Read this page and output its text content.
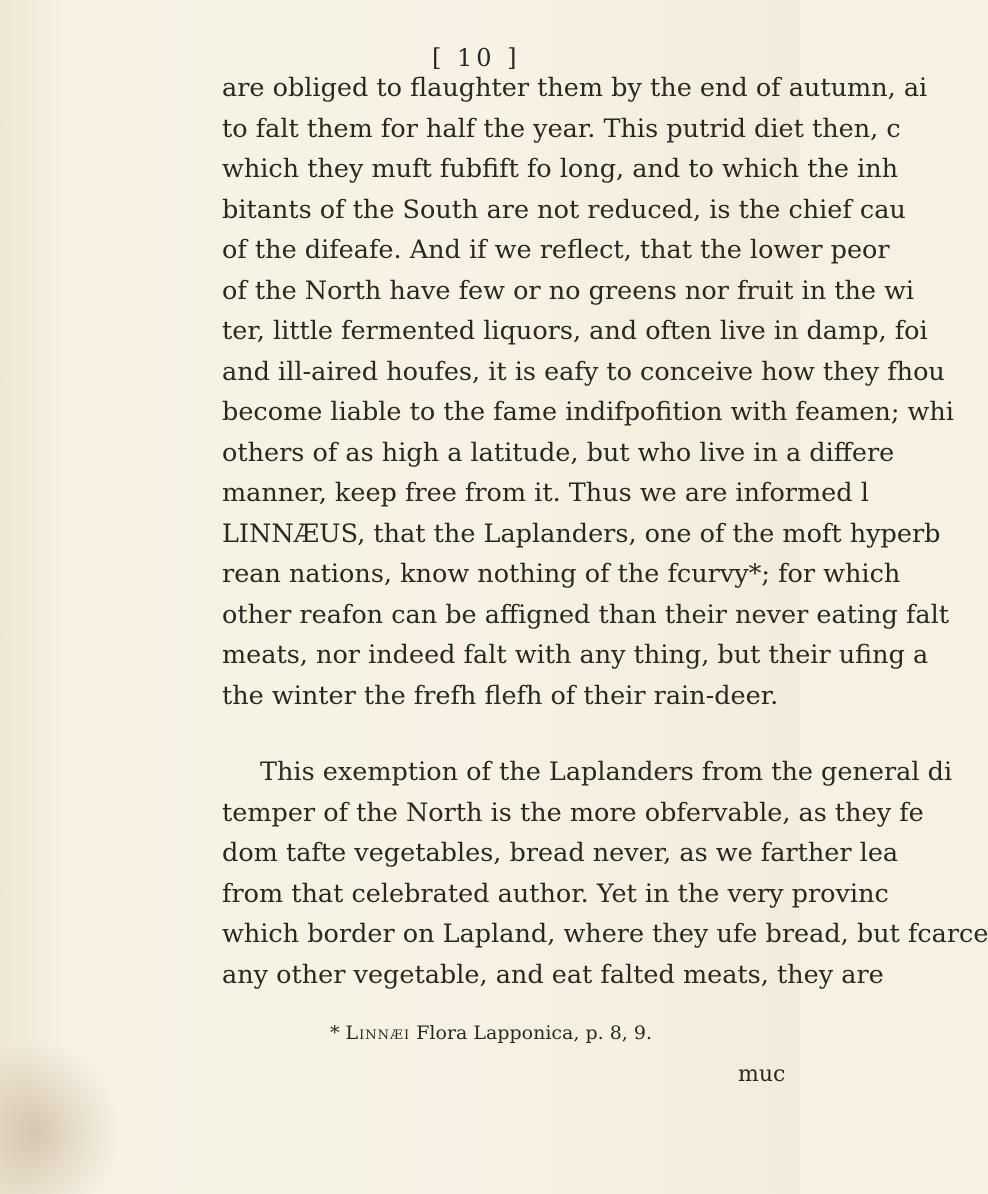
[ 10 ]
are obliged to flaughter them by the end of autumn, ai
to falt them for half the year. This putrid diet then, c
which they muft fubfift fo long, and to which the inh
bitants of the South are not reduced, is the chief cau
of the difeafe. And if we reflect, that the lower peor
of the North have few or no greens nor fruit in the wi
ter, little fermented liquors, and often live in damp, foi
and ill-aired houfes, it is eafy to conceive how they fhou
become liable to the fame indifpofition with feamen; whi
others of as high a latitude, but who live in a differe
manner, keep free from it. Thus we are informed l
LINNÆUS, that the Laplanders, one of the moft hyperb
rean nations, know nothing of the fcurvy*; for which
other reafon can be affigned than their never eating falt
meats, nor indeed falt with any thing, but their ufing a
the winter the frefh flefh of their rain-deer.
This exemption of the Laplanders from the general di
temper of the North is the more obfervable, as they fe
dom tafte vegetables, bread never, as we farther lea
from that celebrated author. Yet in the very provinc
which border on Lapland, where they ufe bread, but fcarce
any other vegetable, and eat falted meats, they are
* Linnæi Flora Lapponica, p. 8, 9.
muc
